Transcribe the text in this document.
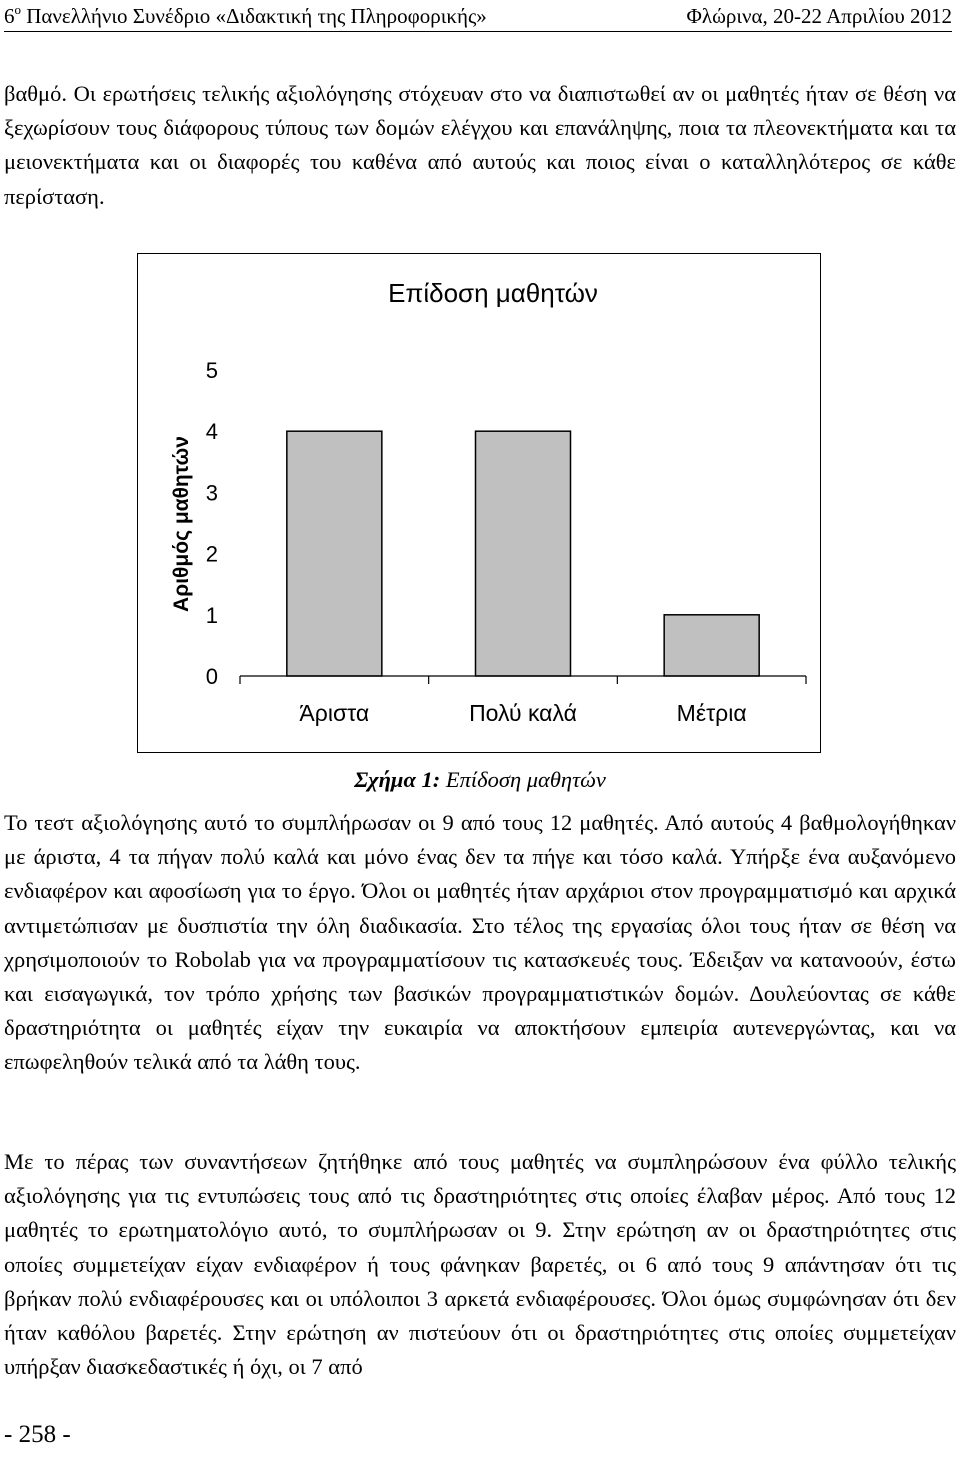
$6^o$ Πανελλήνιο Συνέδριο «Διδακτική της Πληροφορικής»	Φλώρινα, 20-22 Απριλίου 2012

βαθμό. Οι ερωτήσεις τελικής αξιολόγησης στόχευαν στο να διαπιστωθεί αν οι μαθητές ήταν σε θέση να ξεχωρίσουν τους διάφορους τύπους των δομών ελέγχου και επανάληψης, ποια τα πλεονεκτήματα και τα μειονεκτήματα και οι διαφορές του καθένα από αυτούς και ποιος είναι ο καταλληλότερος σε κάθε περίσταση.

Επίδοση μαθητών
Αριθμός μαθητών
0
1
2
3
4
5
Άριστα	Πολύ καλά	Μέτρια
Σχήμα 1: Επίδοση μαθητών

Το τεστ αξιολόγησης αυτό το συμπλήρωσαν οι 9 από τους 12 μαθητές. Από αυτούς 4 βαθμολογήθηκαν με άριστα, 4 τα πήγαν πολύ καλά και μόνο ένας δεν τα πήγε και τόσο καλά. Υπήρξε ένα αυξανόμενο ενδιαφέρον και αφοσίωση για το έργο. Όλοι οι μαθητές ήταν αρχάριοι στον προγραμματισμό και αρχικά αντιμετώπισαν με δυσπιστία την όλη διαδικασία. Στο τέλος της εργασίας όλοι τους ήταν σε θέση να χρησιμοποιούν το Robolab για να προγραμματίσουν τις κατασκευές τους. Έδειξαν να κατανοούν, έστω και εισαγωγικά, τον τρόπο χρήσης των βασικών προγραμματιστικών δομών. Δουλεύοντας σε κάθε δραστηριότητα οι μαθητές είχαν την ευκαιρία να αποκτήσουν εμπειρία αυτενεργώντας, και να επωφεληθούν τελικά από τα λάθη τους.

Με το πέρας των συναντήσεων ζητήθηκε από τους μαθητές να συμπληρώσουν ένα φύλλο τελικής αξιολόγησης για τις εντυπώσεις τους από τις δραστηριότητες στις οποίες έλαβαν μέρος. Από τους 12 μαθητές το ερωτηματολόγιο αυτό, το συμπλήρωσαν οι 9. Στην ερώτηση αν οι δραστηριότητες στις οποίες συμμετείχαν είχαν ενδιαφέρον ή τους φάνηκαν βαρετές, οι 6 από τους 9 απάντησαν ότι τις βρήκαν πολύ ενδιαφέρουσες και οι υπόλοιποι 3 αρκετά ενδιαφέρουσες. Όλοι όμως συμφώνησαν ότι δεν ήταν καθόλου βαρετές. Στην ερώτηση αν πιστεύουν ότι οι δραστηριότητες στις οποίες συμμετείχαν υπήρξαν διασκεδαστικές ή όχι, οι 7 από

- 258 -
